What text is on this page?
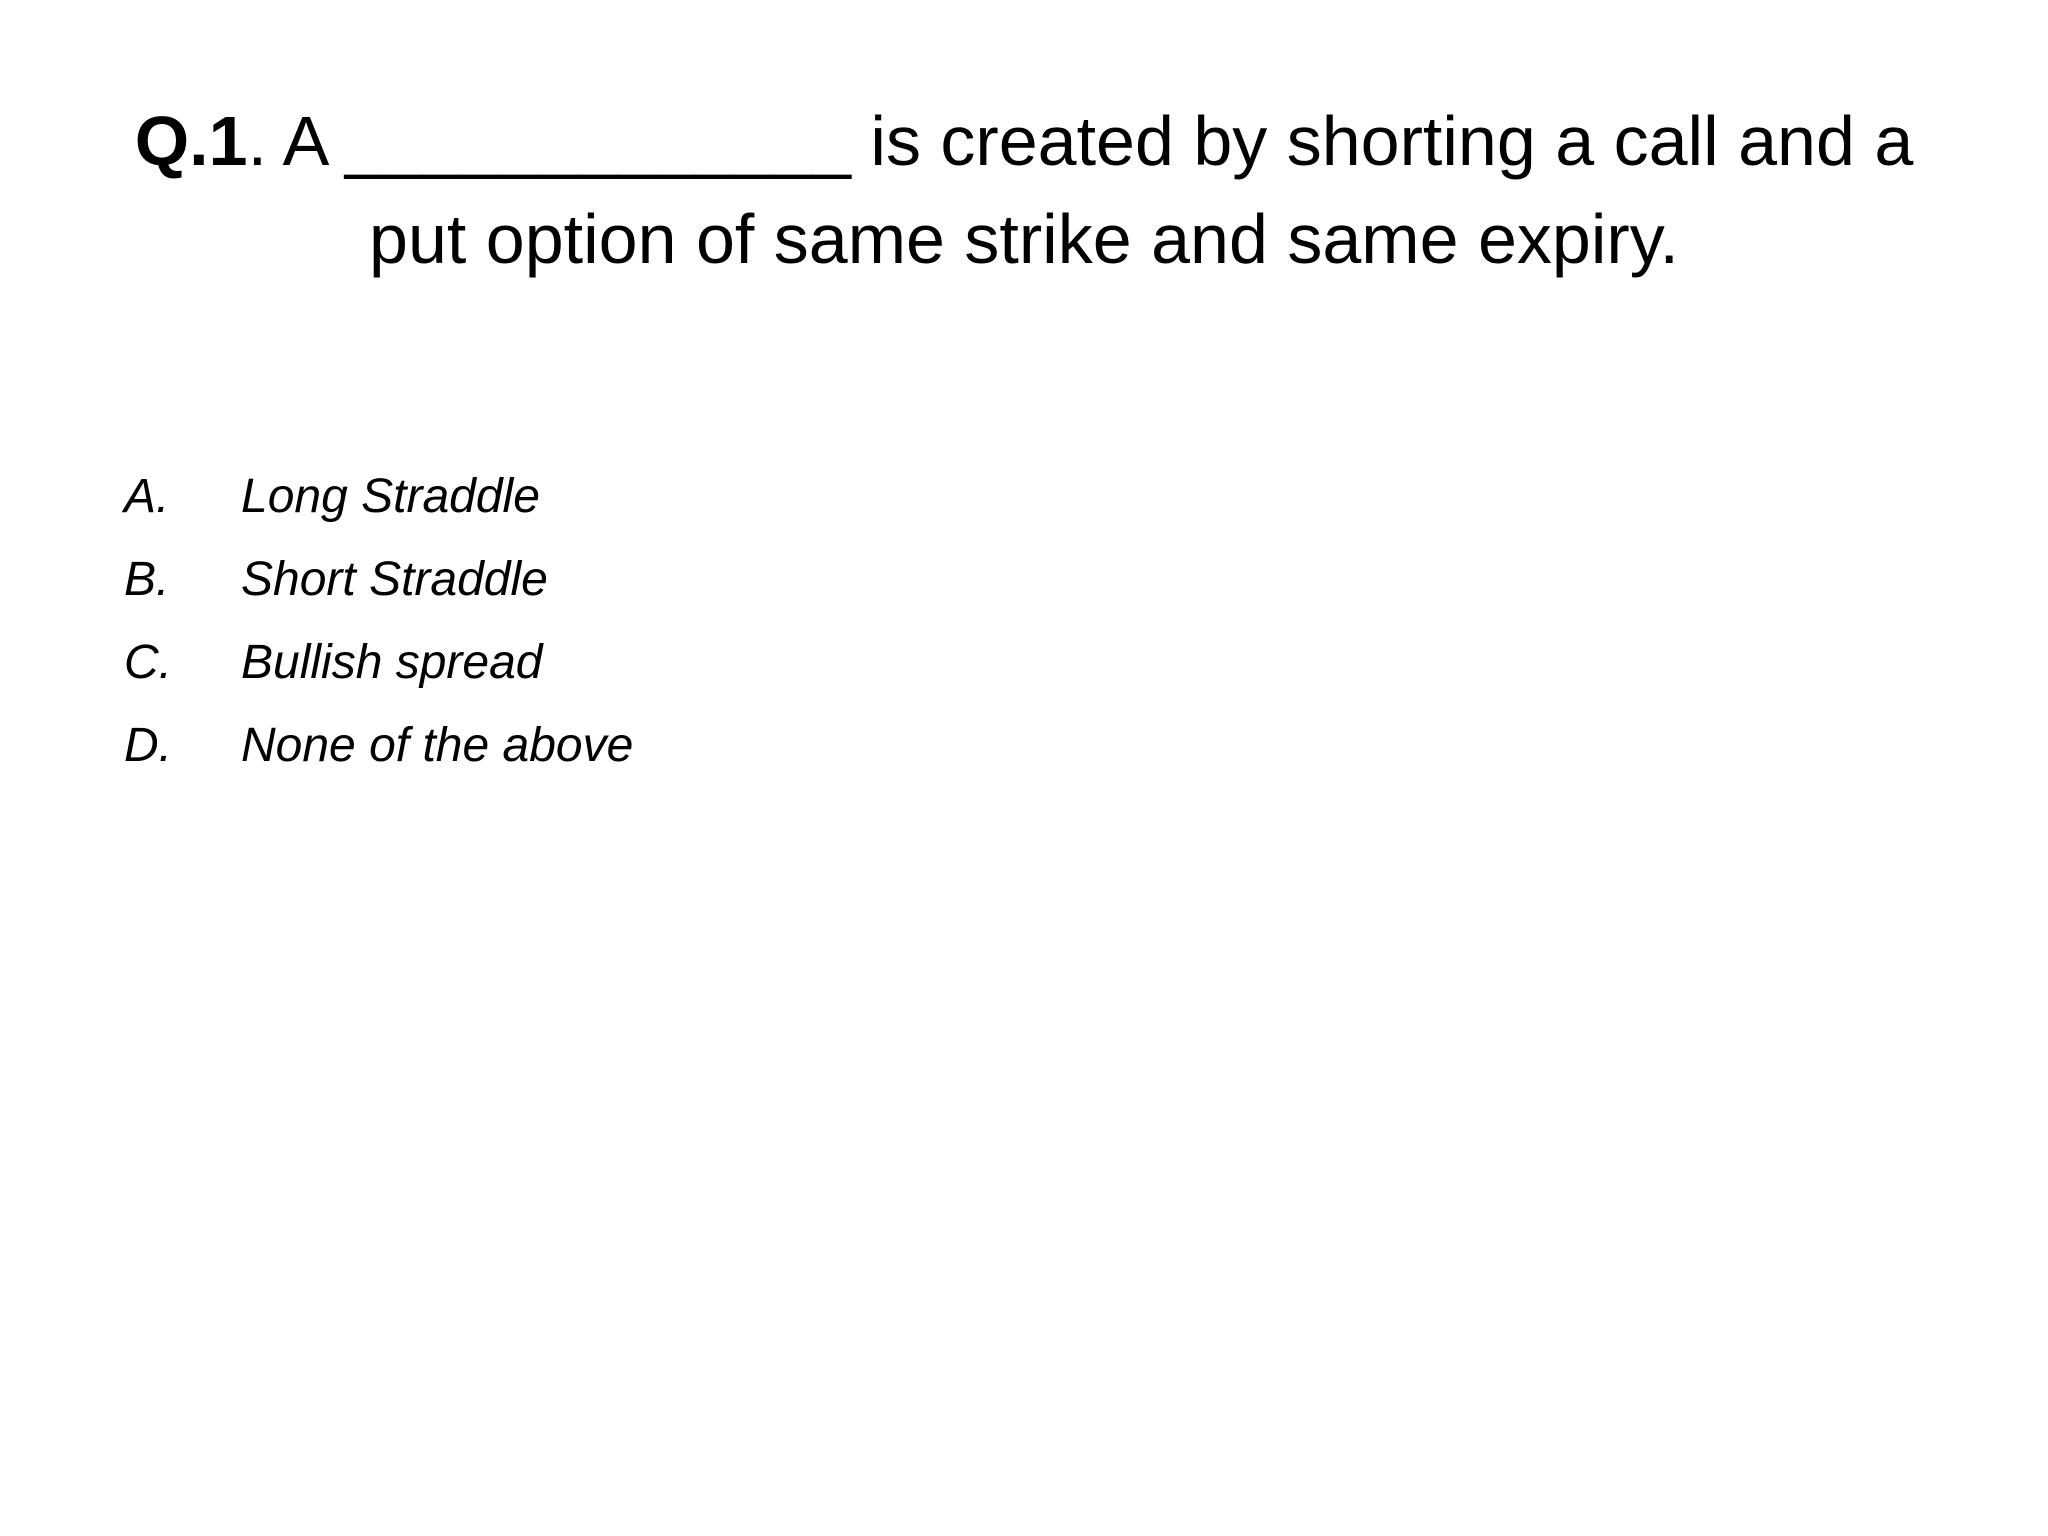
Q.1. A _____________ is created by shorting a call and a put option of same strike and same expiry.
A.	Long Straddle
B.	Short Straddle
C.	Bullish spread
D.	None of the above
